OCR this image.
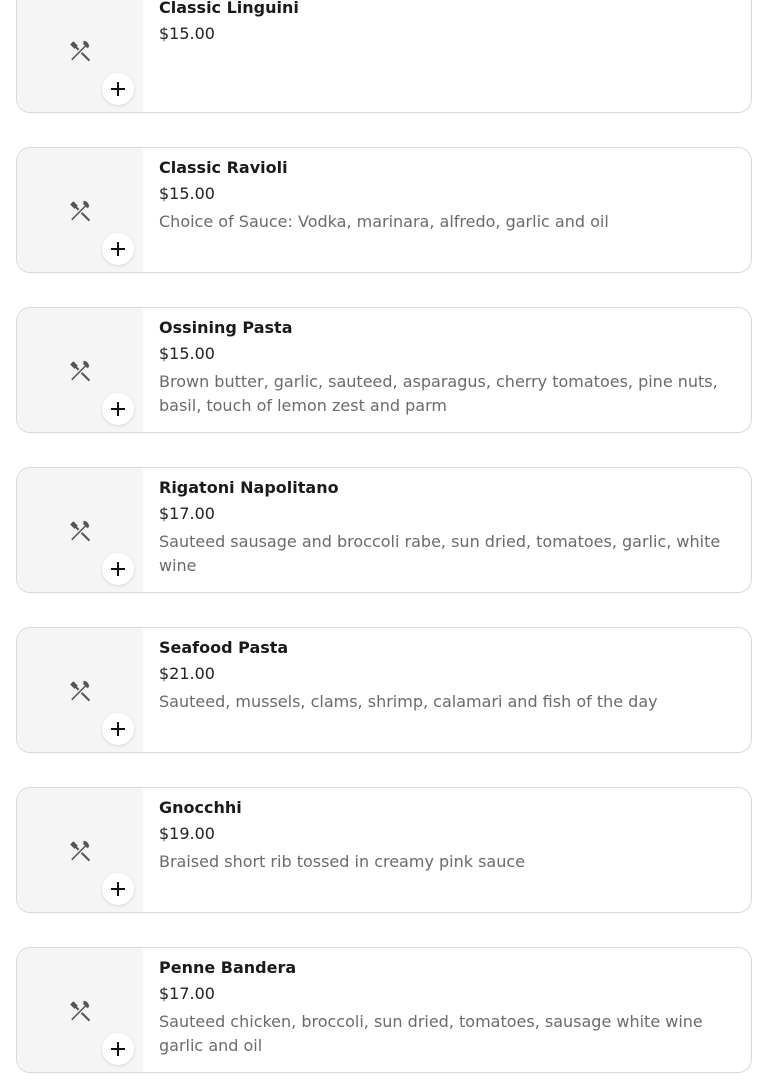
Classic Linguini
$15.00
Classic Ravioli
$15.00
Choice of Sauce: Vodka, marinara, alfredo, garlic and oil
Ossining Pasta
$15.00
Brown butter, garlic, sauteed, asparagus, cherry tomatoes, pine nuts, basil, touch of lemon zest and parm
Rigatoni Napolitano
$17.00
Sauteed sausage and broccoli rabe, sun dried, tomatoes, garlic, white wine
Seafood Pasta
$21.00
Sauteed, mussels, clams, shrimp, calamari and fish of the day
Gnocchhi
$19.00
Braised short rib tossed in creamy pink sauce
Penne Bandera
$17.00
Sauteed chicken, broccoli, sun dried, tomatoes, sausage white wine garlic and oil
